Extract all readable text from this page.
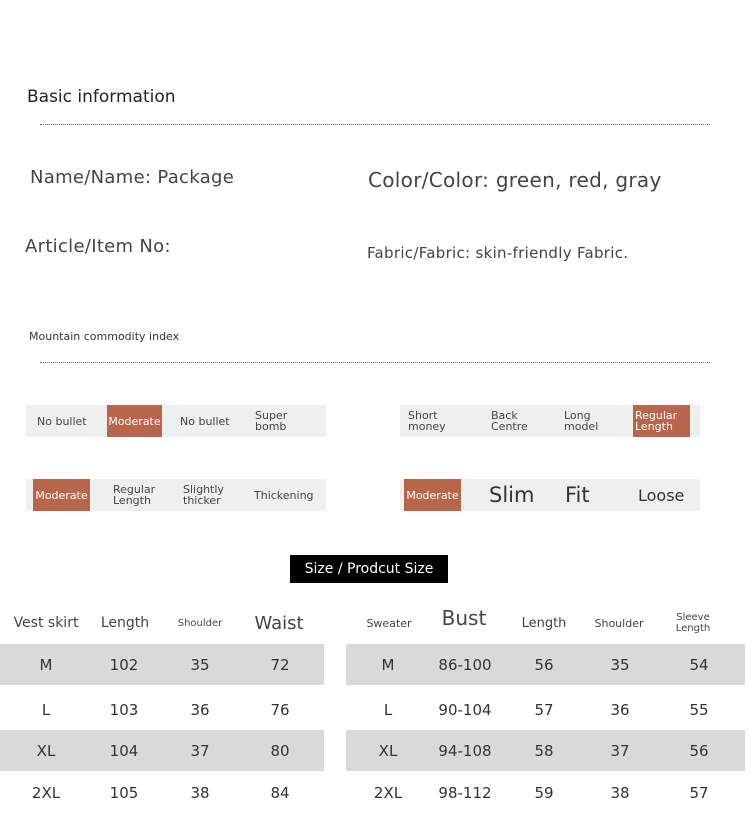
Basic information
Name/Name: Package	Color/Color: green, red, gray
Article/Item No:	Fabric/Fabric: skin-friendly Fabric.
Mountain commodity index
No bullet	Moderate No bullet	Super bomb
Short money
Back Centre
Long model
Regular Length
Moderate Regular Length
Slightly thicker	Thickening	Moderate Slim	Fit	Loose
Size / Prodcut Size
Vest skirt	Length	Shoulder	Waist
M	102	35	72
L	103	36	76
XL	104	37	80
2XL	105	38	84
Sweater	Bust	Length	Shoulder	Sleeve Length
M	86-100	56	35	54
L	90-104	57	36	55
XL	94-108	58	37	56
2XL	98-112	59	38	57
